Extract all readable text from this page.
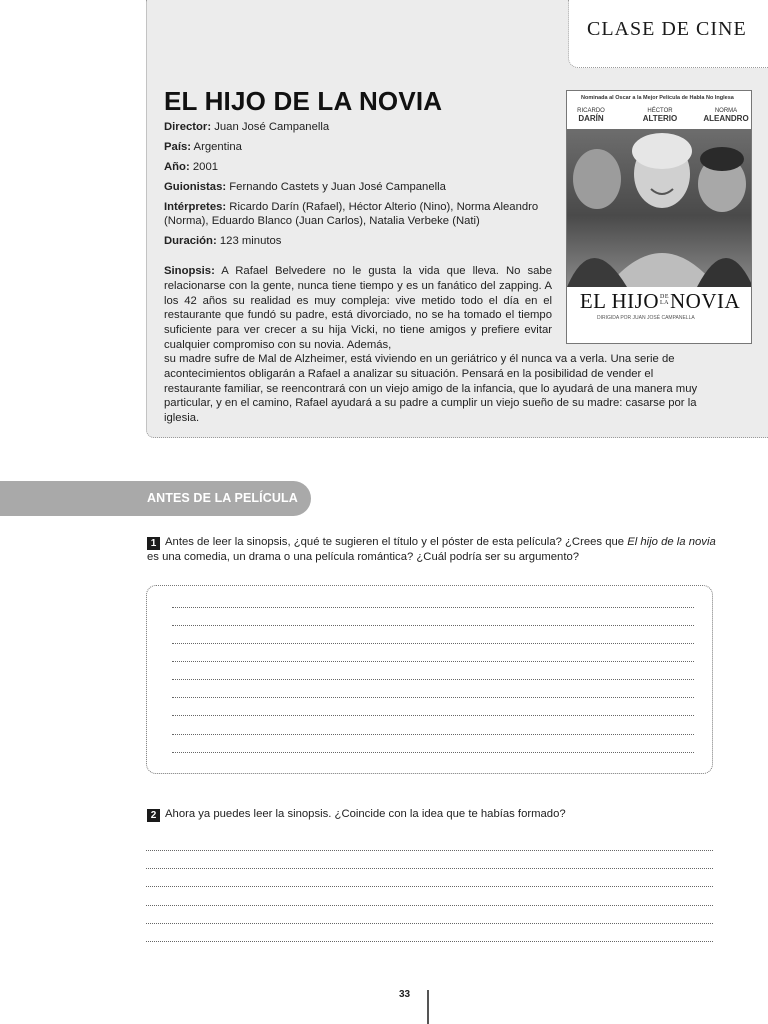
CLASE DE CINE
EL HIJO DE LA NOVIA
Director: Juan José Campanella
País: Argentina
Año: 2001
Guionistas: Fernando Castets y Juan José Campanella
Intérpretes: Ricardo Darín (Rafael), Héctor Alterio (Nino), Norma Aleandro (Norma), Eduardo Blanco (Juan Carlos), Natalia Verbeke (Nati)
Duración: 123 minutos
Sinopsis: A Rafael Belvedere no le gusta la vida que lleva. No sabe relacionarse con la gente, nunca tiene tiempo y es un fanático del zapping. A los 42 años su realidad es muy compleja: vive metido todo el día en el restaurante que fundó su padre, está divorciado, no se ha tomado el tiempo suficiente para ver crecer a su hija Vicki, no tiene amigos y prefiere evitar cualquier compromiso con su novia. Además,
su madre sufre de Mal de Alzheimer, está viviendo en un geriátrico y él nunca va a verla. Una serie de acontecimientos obligarán a Rafael a analizar su situación. Pensará en la posibilidad de vender el restaurante familiar, se reencontrará con un viejo amigo de la infancia, que lo ayudará de una manera muy particular, y en el camino, Rafael ayudará a su padre a cumplir un viejo sueño de su madre: casarse por la iglesia.
Nominada al Oscar a la Mejor Película de Habla No Inglesa
RICARDO
DARÍN
HÉCTOR
ALTERIO
NORMA
ALEANDRO
EL HIJODE
LANOVIA
DIRIGIDA POR JUAN JOSÉ CAMPANELLA
ANTES DE LA PELÍCULA

1 Antes de leer la sinopsis, ¿qué te sugieren el título y el póster de esta película? ¿Crees que El hijo de la novia es una comedia, un drama o una película romántica? ¿Cuál podría ser su argumento?

2 Ahora ya puedes leer la sinopsis. ¿Coincide con la idea que te habías formado?

33
